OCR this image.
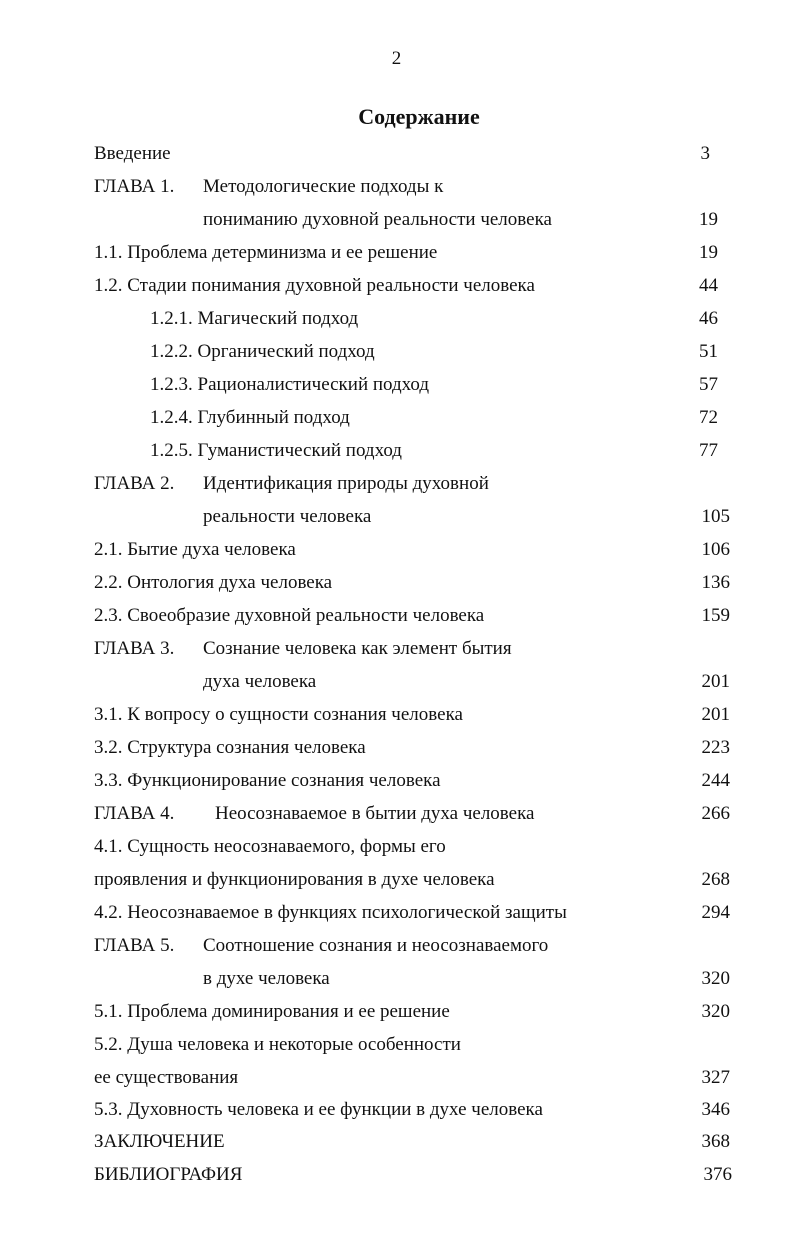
2
Содержание
Введение	3
ГЛАВА 1. Методологические подходы к
пониманию духовной реальности человека	19
1.1. Проблема детерминизма и ее решение	19
1.2. Стадии понимания духовной реальности человека	44
1.2.1. Магический подход	46
1.2.2. Органический подход	51
1.2.3. Рационалистический подход	57
1.2.4. Глубинный подход	72
1.2.5. Гуманистический подход	77
ГЛАВА 2. Идентификация природы духовной
реальности человека	105
2.1. Бытие духа человека	106
2.2. Онтология духа человека	136
2.3. Своеобразие духовной реальности человека	159
ГЛАВА 3. Сознание человека как элемент бытия
духа человека	201
3.1. К вопросу о сущности сознания человека	201
3.2. Структура сознания человека	223
3.3. Функционирование сознания человека	244
ГЛАВА 4. Неосознаваемое в бытии духа человека	266
4.1. Сущность неосознаваемого, формы его
проявления и функционирования в духе человека	268
4.2. Неосознаваемое в функциях психологической защиты	294
ГЛАВА 5. Соотношение сознания и неосознаваемого
в духе человека	320
5.1. Проблема доминирования и ее решение	320
5.2. Душа человека и некоторые особенности
ее существования	327
5.3. Духовность человека и ее функции в духе человека	346
ЗАКЛЮЧЕНИЕ	368
БИБЛИОГРАФИЯ	376
